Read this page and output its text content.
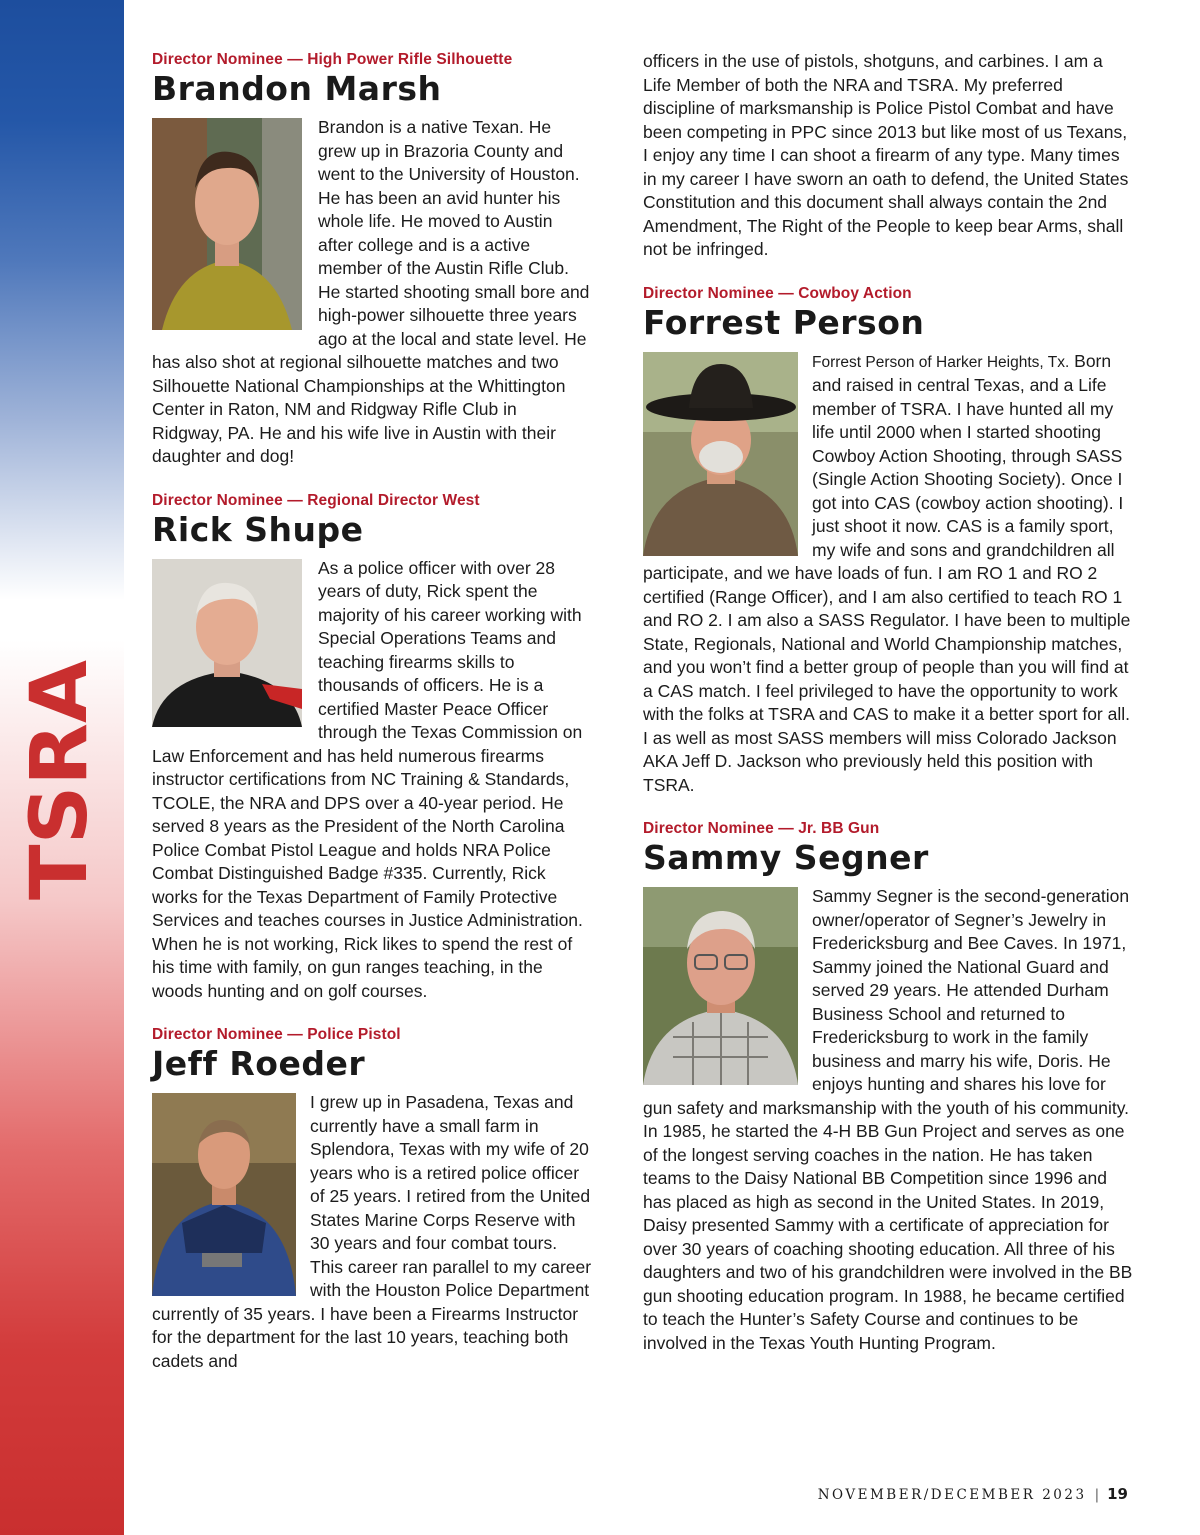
TSRA

Director Nominee — High Power Rifle Silhouette

Brandon Marsh

Brandon is a native Texan. He grew up in Brazoria County and went to the University of Houston. He has been an avid hunter his whole life. He moved to Austin after college and is a active member of the Austin Rifle Club. He started shooting small bore and high-power silhouette three years ago at the local and state level. He has also shot at regional silhouette matches and two Silhouette National Championships at the Whittington Center in Raton, NM and Ridgway Rifle Club in Ridgway, PA. He and his wife live in Austin with their daughter and dog!

Director Nominee — Regional Director West

Rick Shupe

As a police officer with over 28 years of duty, Rick spent the majority of his career working with Special Operations Teams and teaching firearms skills to thousands of officers. He is a certified Master Peace Officer through the Texas Commission on Law Enforcement and has held numerous firearms instructor certifications from NC Training & Standards, TCOLE, the NRA and DPS over a 40-year period. He served 8 years as the President of the North Carolina Police Combat Pistol League and holds NRA Police Combat Distinguished Badge #335. Currently, Rick works for the Texas Department of Family Protective Services and teaches courses in Justice Administration. When he is not working, Rick likes to spend the rest of his time with family, on gun ranges teaching, in the woods hunting and on golf courses.

Director Nominee — Police Pistol

Jeff Roeder

I grew up in Pasadena, Texas and currently have a small farm in Splendora, Texas with my wife of 20 years who is a retired police officer of 25 years. I retired from the United States Marine Corps Reserve with 30 years and four combat tours. This career ran parallel to my career with the Houston Police Department currently of 35 years. I have been a Firearms Instructor for the department for the last 10 years, teaching both cadets and

officers in the use of pistols, shotguns, and carbines. I am a Life Member of both the NRA and TSRA. My preferred discipline of marksmanship is Police Pistol Combat and have been competing in PPC since 2013 but like most of us Texans, I enjoy any time I can shoot a firearm of any type. Many times in my career I have sworn an oath to defend, the United States Constitution and this document shall always contain the 2nd Amendment, The Right of the People to keep bear Arms, shall not be infringed.

Director Nominee — Cowboy Action

Forrest Person

Forrest Person of Harker Heights, Tx. Born and raised in central Texas, and a Life member of TSRA. I have hunted all my life until 2000 when I started shooting Cowboy Action Shooting, through SASS (Single Action Shooting Society). Once I got into CAS (cowboy action shooting). I just shoot it now. CAS is a family sport, my wife and sons and grandchildren all participate, and we have loads of fun. I am RO 1 and RO 2 certified (Range Officer), and I am also certified to teach RO 1 and RO 2. I am also a SASS Regulator. I have been to multiple State, Regionals, National and World Championship matches, and you won’t find a better group of people than you will find at a CAS match. I feel privileged to have the opportunity to work with the folks at TSRA and CAS to make it a better sport for all. I as well as most SASS members will miss Colorado Jackson AKA Jeff D. Jackson who previously held this position with TSRA.

Director Nominee — Jr. BB Gun

Sammy Segner

Sammy Segner is the second-generation owner/operator of Segner’s Jewelry in Fredericksburg and Bee Caves. In 1971, Sammy joined the National Guard and served 29 years. He attended Durham Business School and returned to Fredericksburg to work in the family business and marry his wife, Doris. He enjoys hunting and shares his love for gun safety and marksmanship with the youth of his community. In 1985, he started the 4-H BB Gun Project and serves as one of the longest serving coaches in the nation. He has taken teams to the Daisy National BB Competition since 1996 and has placed as high as second in the United States. In 2019, Daisy presented Sammy with a certificate of appreciation for over 30 years of coaching shooting education. All three of his daughters and two of his grandchildren were involved in the BB gun shooting education program. In 1988, he became certified to teach the Hunter’s Safety Course and continues to be involved in the Texas Youth Hunting Program.

NOVEMBER/DECEMBER 2023 | 19
